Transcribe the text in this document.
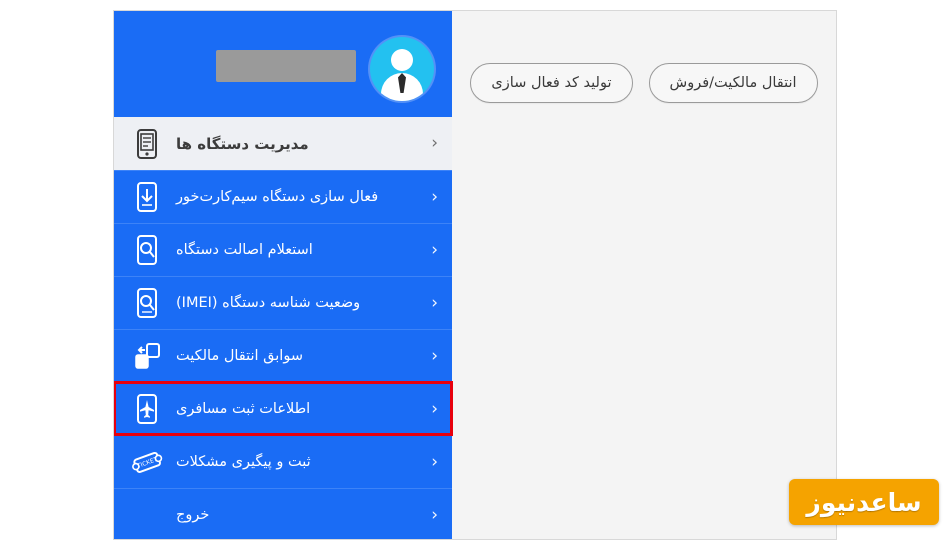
‹
مدیریت دستگاه ها
‹
فعال سازی دستگاه سیم‌کارت‌خور
‹
استعلام اصالت دستگاه
‹
وضعیت شناسه دستگاه (IMEI)
‹
سوابق انتقال مالکیت
‹
اطلاعات ثبت مسافری
‹
TICKET ثبت و پیگیری مشکلات
‹
خروج
انتقال مالکیت/فروش
تولید کد فعال سازی
ساعدنیوز
